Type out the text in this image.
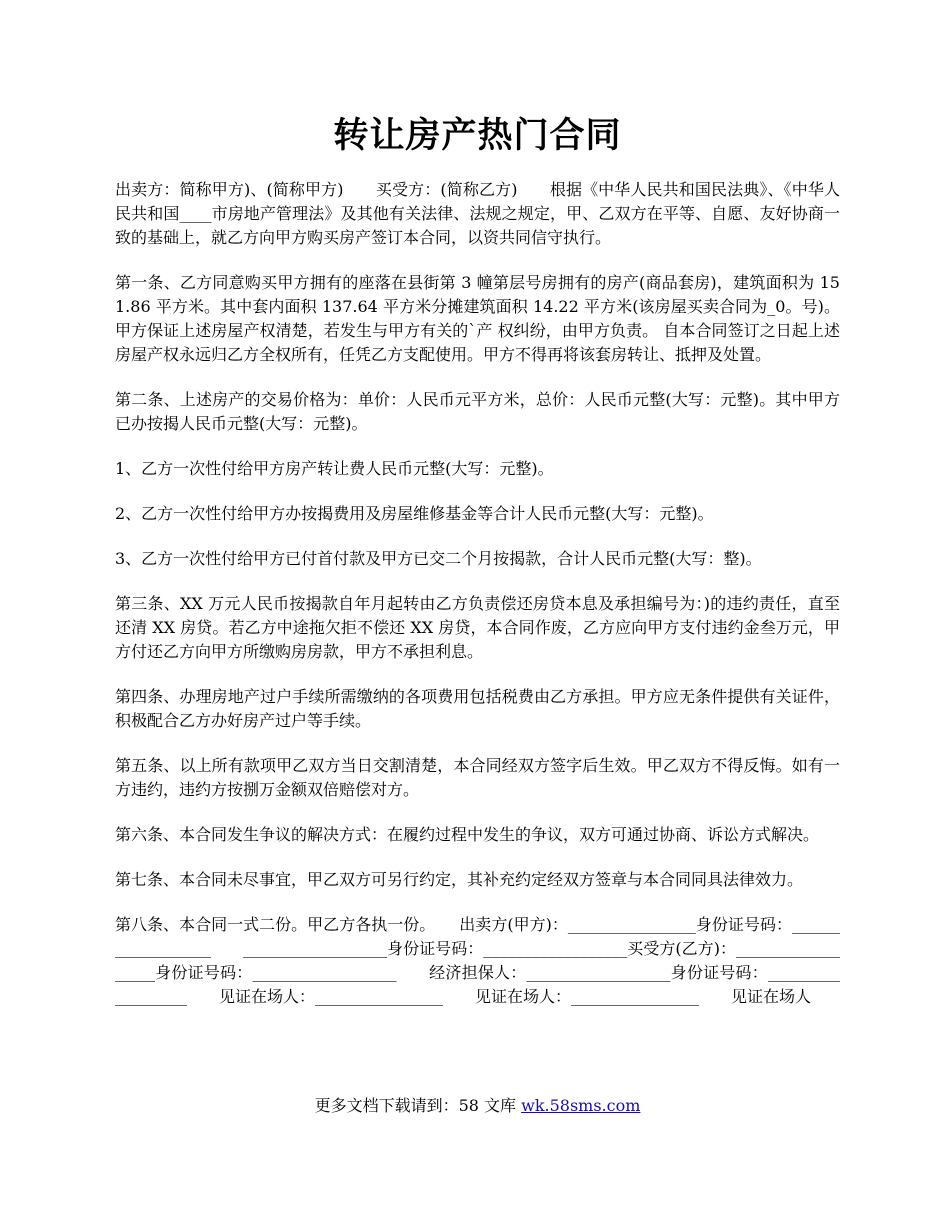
转让房产热门合同

出卖方：简称甲方)、(简称甲方)　　买受方：(简称乙方)　　根据《中华人民共和国民法典》、《中华人民共和国____市房地产管理法》及其他有关法律、法规之规定，甲、乙双方在平等、自愿、友好协商一致的基础上，就乙方向甲方购买房产签订本合同，以资共同信守执行。

第一条、乙方同意购买甲方拥有的座落在县街第 3 幢第层号房拥有的房产(商品套房)，建筑面积为 151.86 平方米。其中套内面积 137.64 平方米分摊建筑面积 14.22 平方米(该房屋买卖合同为_0。号)。甲方保证上述房屋产权清楚，若发生与甲方有关的`产 权纠纷，由甲方负责。 自本合同签订之日起上述房屋产权永远归乙方全权所有，任凭乙方支配使用。甲方不得再将该套房转让、抵押及处置。

第二条、上述房产的交易价格为：单价：人民币元平方米，总价：人民币元整(大写：元整)。其中甲方已办按揭人民币元整(大写：元整)。

1、乙方一次性付给甲方房产转让费人民币元整(大写：元整)。

2、乙方一次性付给甲方办按揭费用及房屋维修基金等合计人民币元整(大写：元整)。

3、乙方一次性付给甲方已付首付款及甲方已交二个月按揭款，合计人民币元整(大写：整)。

第三条、XX 万元人民币按揭款自年月起转由乙方负责偿还房贷本息及承担编号为：)的违约责任，直至还清 XX 房贷。若乙方中途拖欠拒不偿还 XX 房贷，本合同作废，乙方应向甲方支付违约金叁万元，甲方付还乙方向甲方所缴购房房款，甲方不承担利息。

第四条、办理房地产过户手续所需缴纳的各项费用包括税费由乙方承担。甲方应无条件提供有关证件，积极配合乙方办好房产过户等手续。

第五条、以上所有款项甲乙双方当日交割清楚，本合同经双方签字后生效。甲乙双方不得反悔。如有一方违约，违约方按捌万金额双倍赔偿对方。

第六条、本合同发生争议的解决方式：在履约过程中发生的争议，双方可通过协商、诉讼方式解决。

第七条、本合同未尽事宜，甲乙双方可另行约定，其补充约定经双方签章与本合同同具法律效力。

第八条、本合同一式二份。甲乙方各执一份。　　出卖方(甲方)：________________身份证号码：__________________　　__________________身份证号码：__________________买受方(乙方)：__________________身份证号码：__________________　　经济担保人：__________________身份证号码：__________________　　见证在场人：________________　　见证在场人：________________　　见证在场人

更多文档下载请到：58 文库 wk.58sms.com
